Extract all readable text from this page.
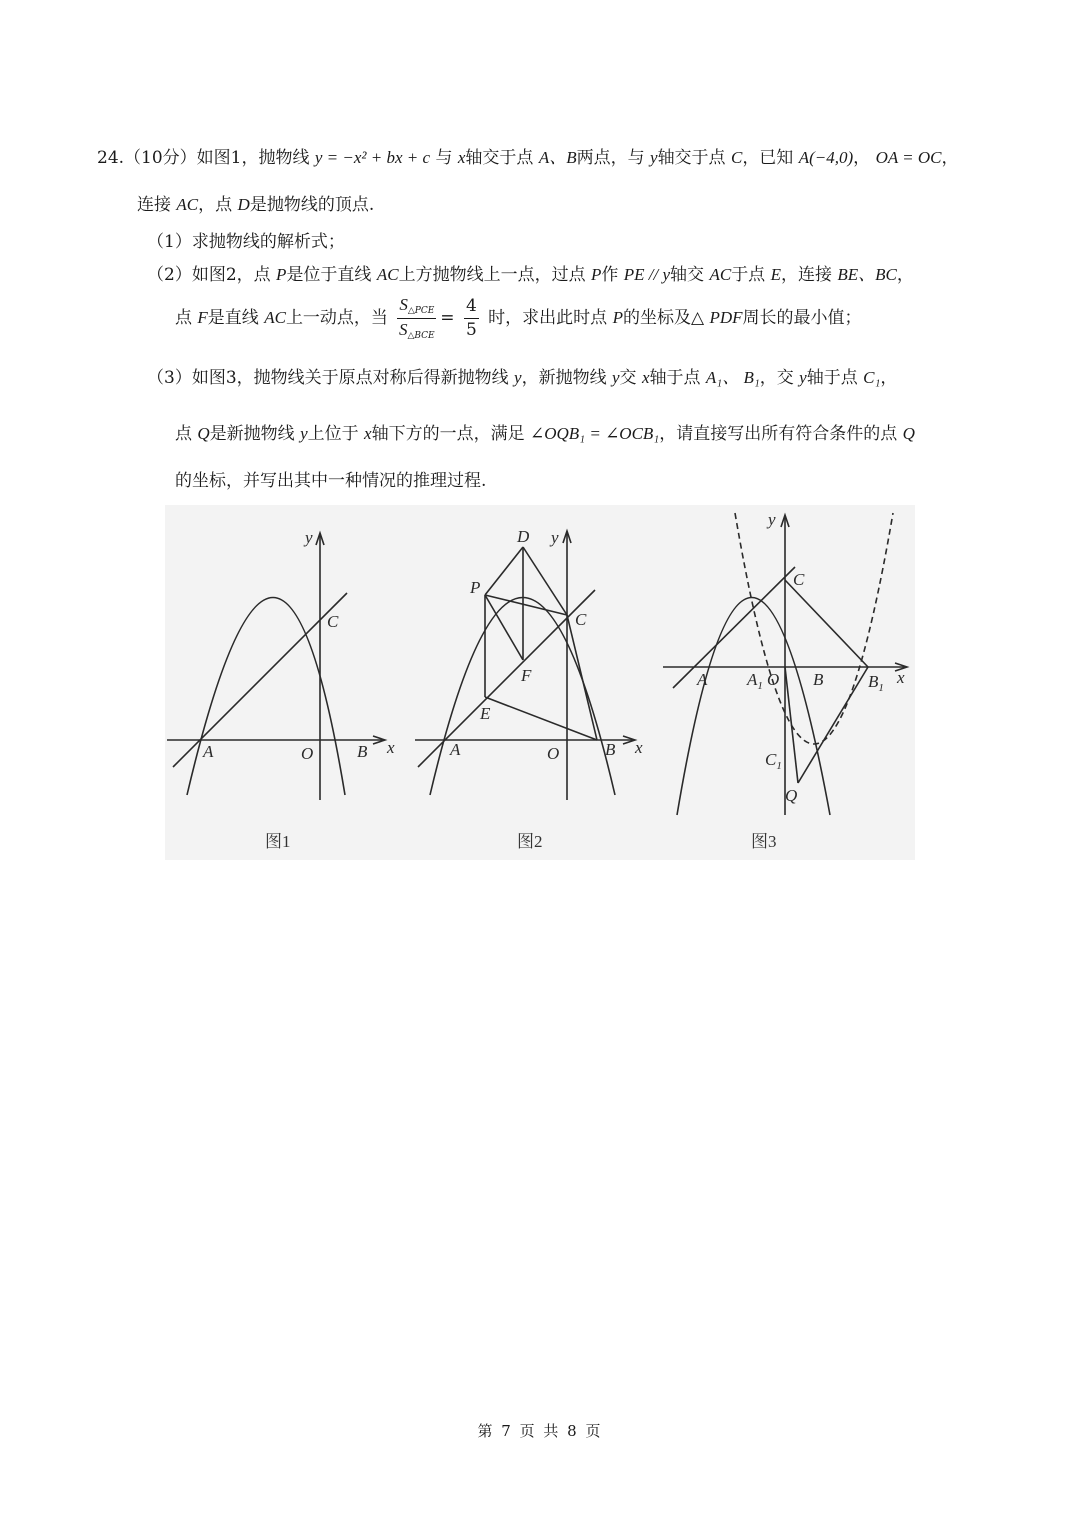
24.（10分）如图1，抛物线 y = −x² + bx + c 与 x轴交于点 A、B两点，与 y轴交于点 C，已知 A(−4,0)， OA = OC，
连接 AC，点 D是抛物线的顶点.
（1）求抛物线的解析式；
（2）如图2，点 P是位于直线 AC上方抛物线上一点，过点 P作 PE // y轴交 AC于点 E，连接 BE、BC，
点 F是直线 AC上一动点，当 $\frac{S_{\triangle PCE}}{S_{\triangle BCE}} = \frac{4}{5}$ 时，求出此时点 P的坐标及△ PDF周长的最小值；
（3）如图3，抛物线关于原点对称后得新抛物线 y，新抛物线 y交 x轴于点 A₁、 B₁，交 y轴于点 C₁，
点 Q是新抛物线 y上位于 x轴下方的一点，满足 ∠OQB₁ = ∠OCB₁，请直接写出所有符合条件的点 Q
的坐标，并写出其中一种情况的推理过程.
y
x
C
A	O	B
图1
y
x
D
P
C
F
E
A	O	B
图2
y
x
C
A $A_1$ O B	$B_1$
$C_1$
Q
图3
第 7 页 共 8 页
